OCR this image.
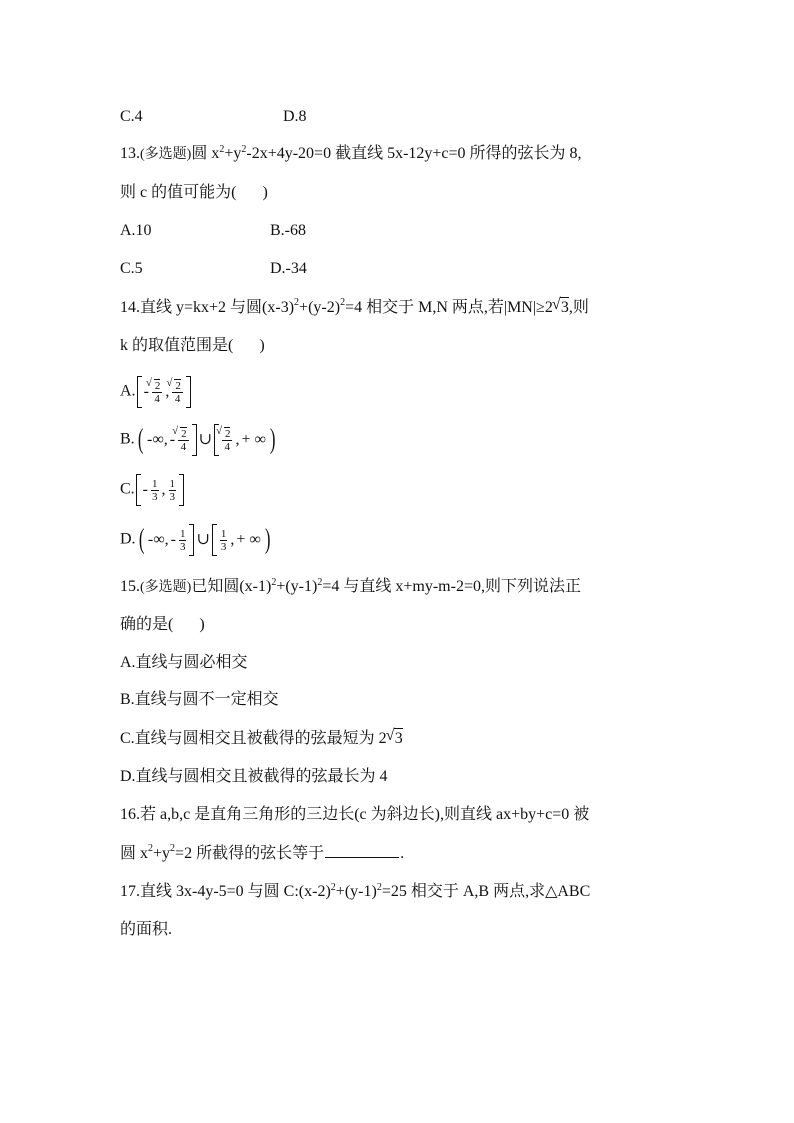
C.4	D.8
13.(多选题)圆 $x^2+y^2-2x+4y-20=0$ 截直线 5x-12y+c=0 所得的弦长为 8,
则 c 的值可能为( )
A.10	B.-68
C.5	D.-34
14.直线 y=kx+2 与圆$(x-3)^2+(y-2)^2=4$ 相交于 M,N 两点,若|MN|≥2 √ 3,则
k 的取值范围是( )
A. - √ $\frac{2}{4}$ , √ $\frac{2}{4}$
B. ( -∞, - √ $\frac{2}{4}$ ∪ √ $\frac{2}{4}$ , + ∞ )
C. - $\frac{1}{3}$ , $\frac{1}{3}$
D. ( -∞, - $\frac{1}{3}$ ∪ $\frac{1}{3}$ , + ∞ )
15.(多选题)已知圆$(x-1)^2+(y-1)^2=4$ 与直线 x+my-m-2=0,则下列说法正
确的是( )
A.直线与圆必相交
B.直线与圆不一定相交
C.直线与圆相交且被截得的弦最短为 2 √ 3
D.直线与圆相交且被截得的弦最长为 4
16.若 a,b,c 是直角三角形的三边长(c 为斜边长),则直线 ax+by+c=0 被
圆 $x^2+y^2=2$ 所截得的弦长等于	.
17.直线 3x-4y-5=0 与圆 $C:(x-2)^2+(y-1)^2=25$ 相交于 A,B 两点,求△ABC
的面积.
